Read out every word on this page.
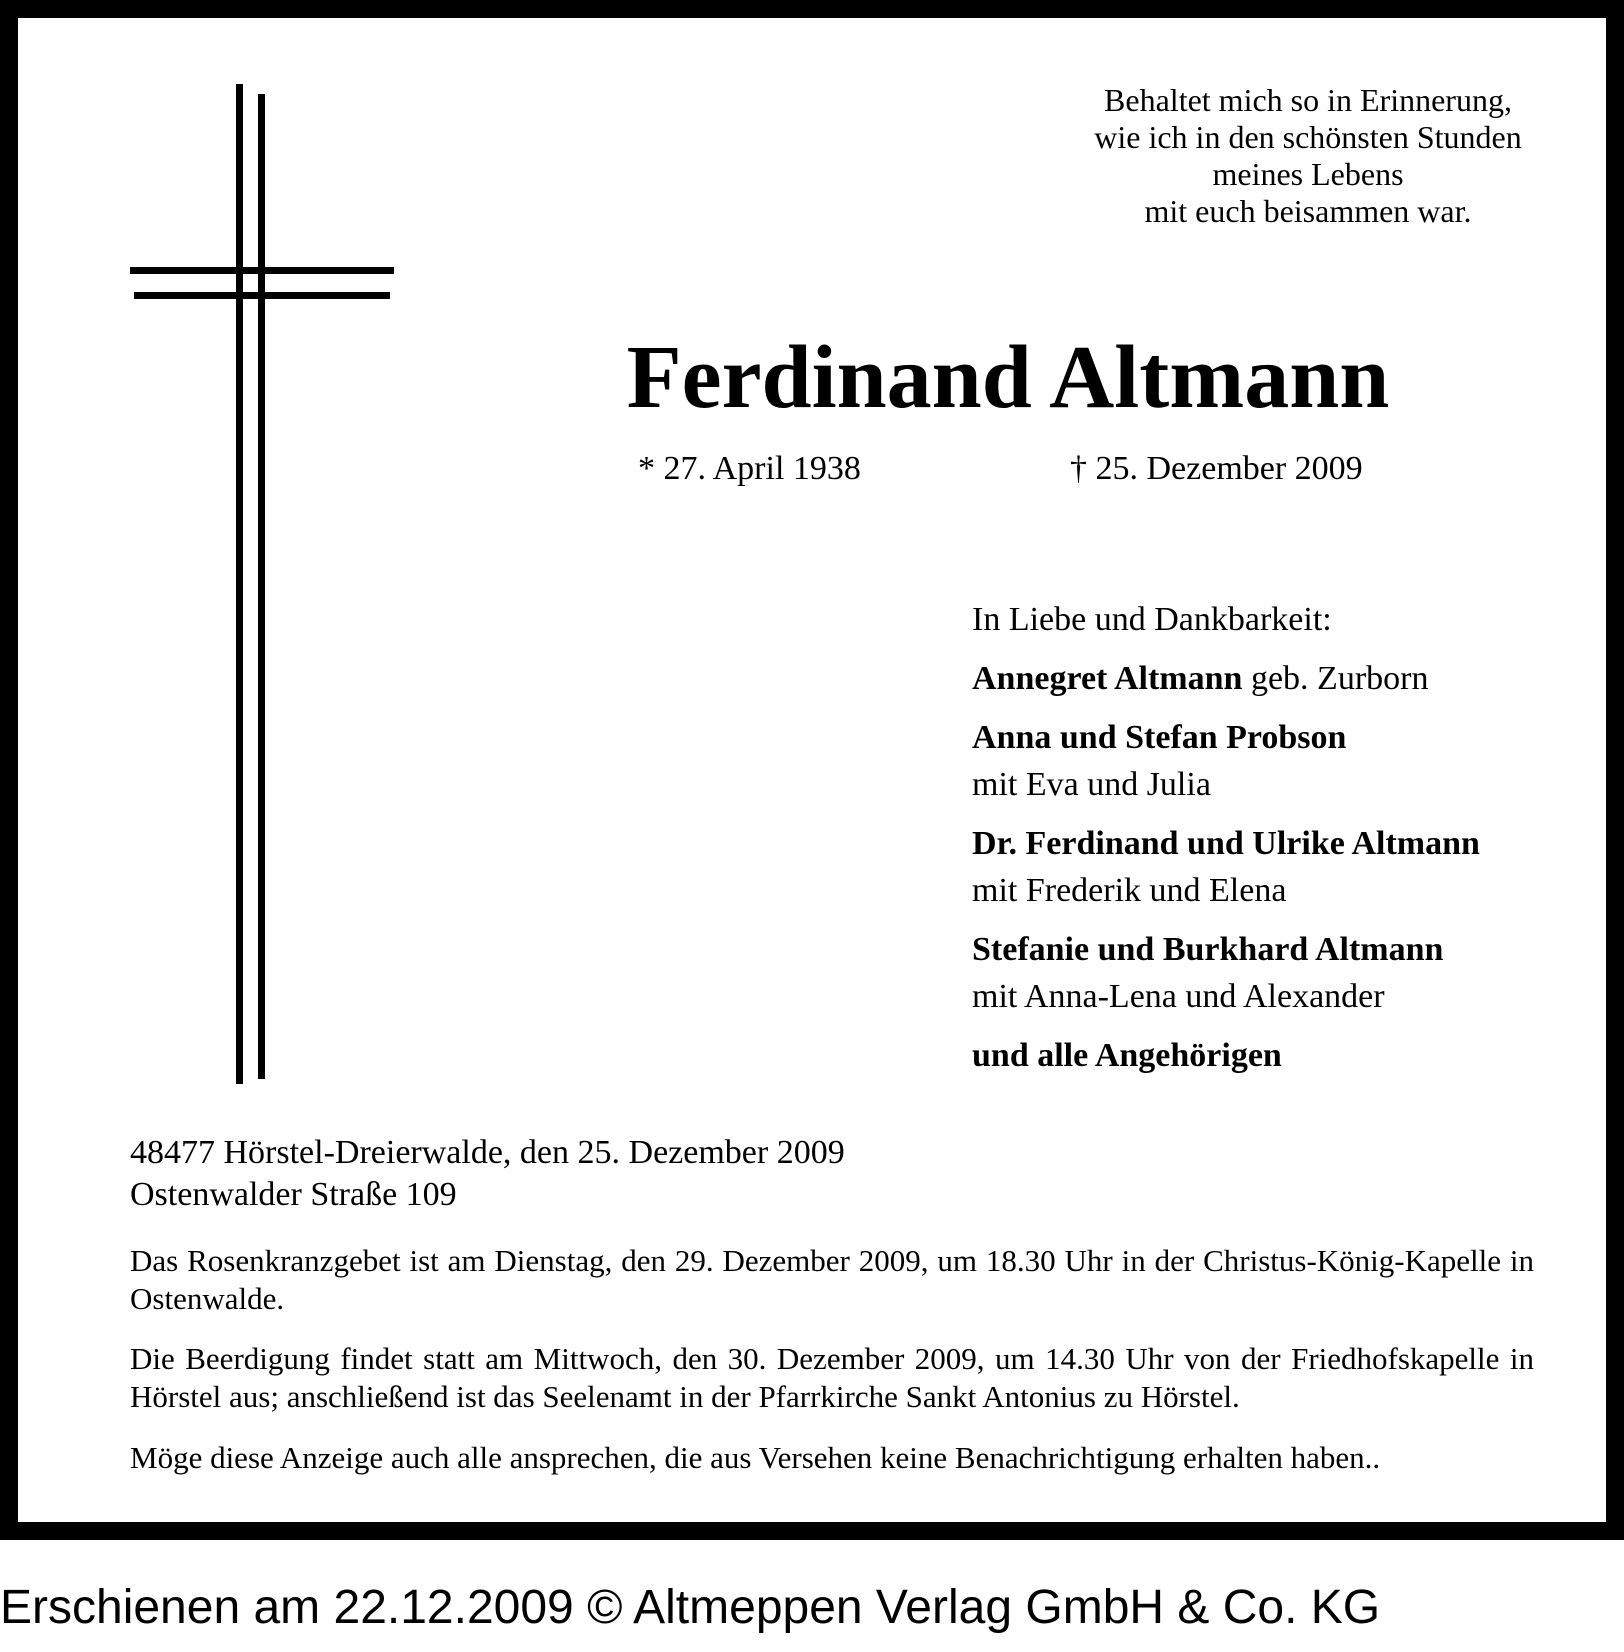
Behaltet mich so in Erinnerung,
wie ich in den schönsten Stunden
meines Lebens
mit euch beisammen war.
Ferdinand Altmann
* 27. April 1938	† 25. Dezember 2009
In Liebe und Dankbarkeit:
Annegret Altmann geb. Zurborn
Anna und Stefan Probson
mit Eva und Julia
Dr. Ferdinand und Ulrike Altmann
mit Frederik und Elena
Stefanie und Burkhard Altmann
mit Anna-Lena und Alexander
und alle Angehörigen
48477 Hörstel-Dreierwalde, den 25. Dezember 2009
Ostenwalder Straße 109
Das Rosenkranzgebet ist am Dienstag, den 29. Dezember 2009, um 18.30 Uhr in der Christus-König-Kapelle in Ostenwalde.
Die Beerdigung findet statt am Mittwoch, den 30. Dezember 2009, um 14.30 Uhr von der Friedhofskapelle in Hörstel aus; anschließend ist das Seelenamt in der Pfarrkirche Sankt Antonius zu Hörstel.
Möge diese Anzeige auch alle ansprechen, die aus Versehen keine Benachrichtigung erhalten haben..
Erschienen am 22.12.2009 © Altmeppen Verlag GmbH & Co. KG
